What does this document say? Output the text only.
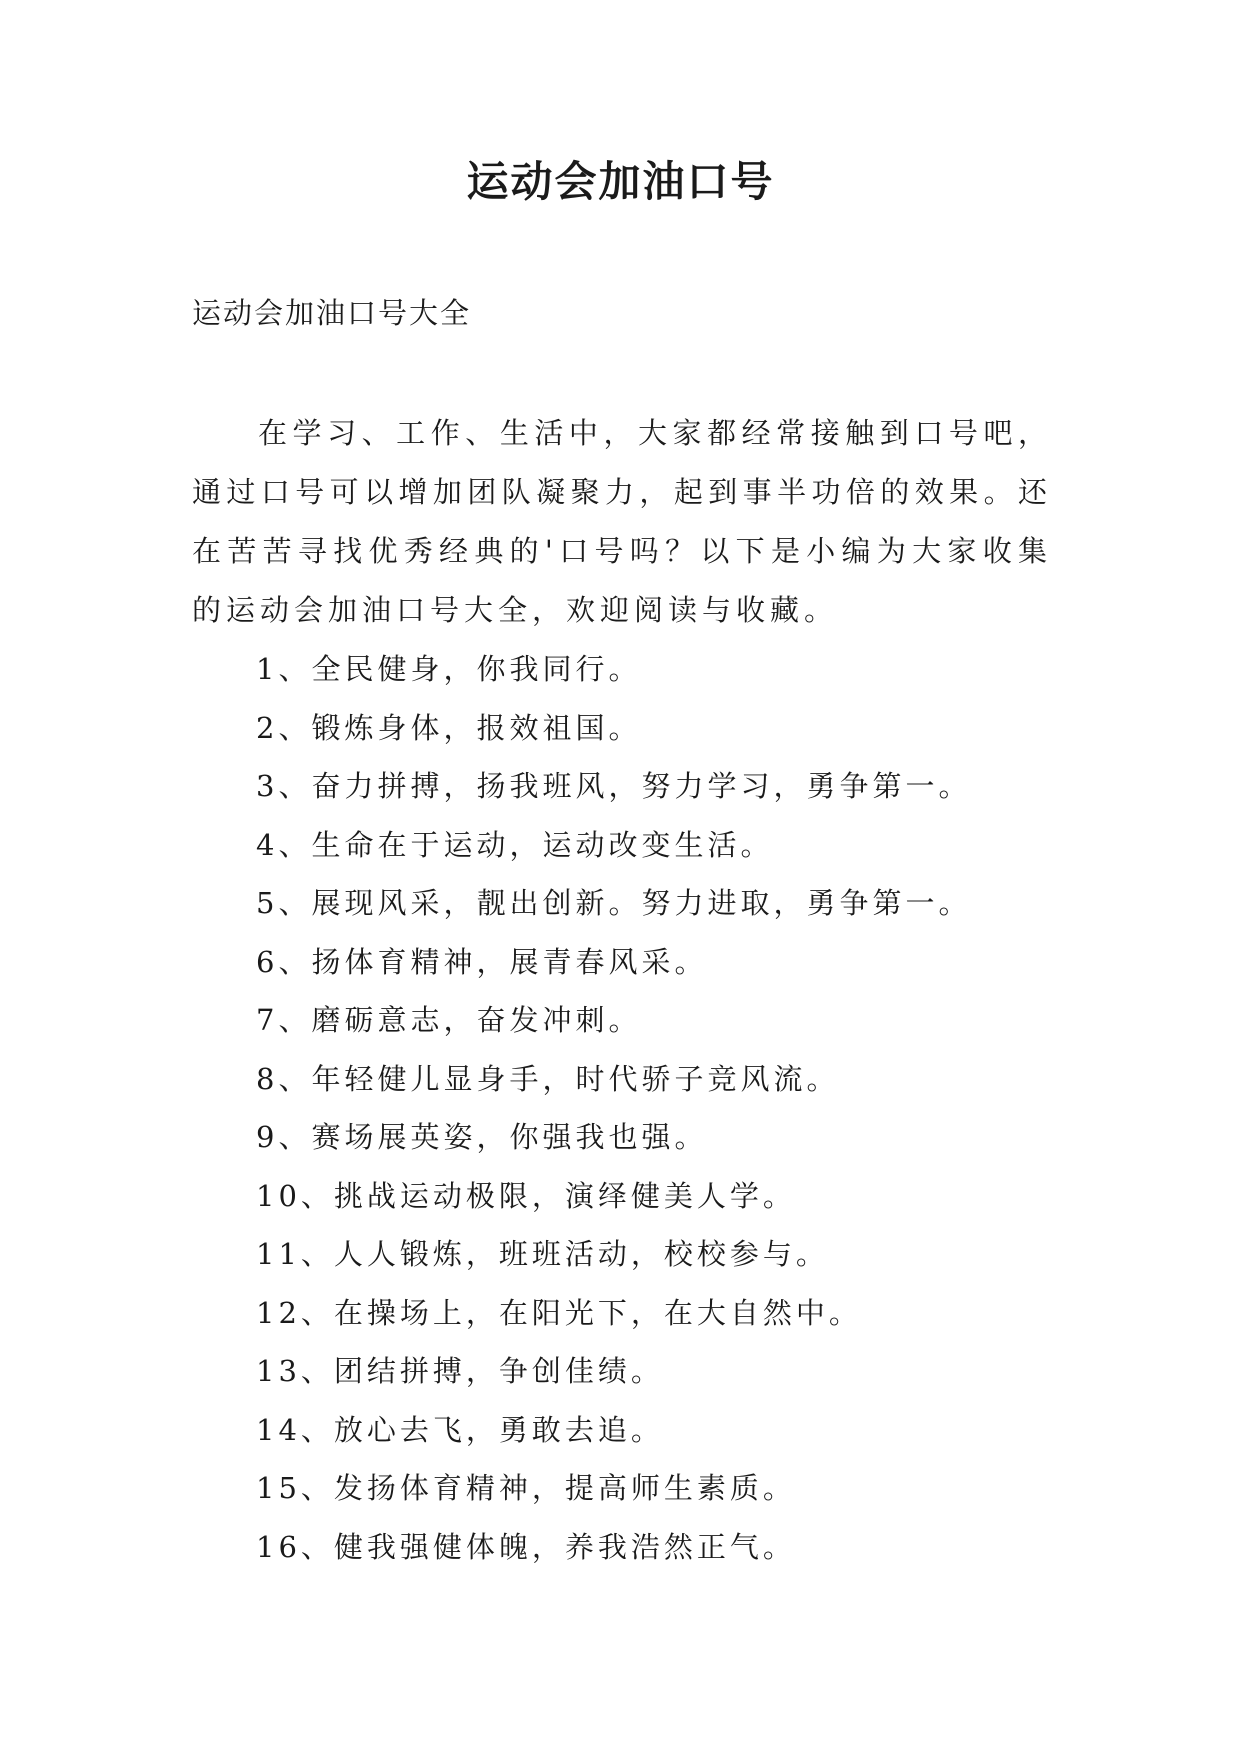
运动会加油口号

运动会加油口号大全

在学习、工作、生活中，大家都经常接触到口号吧，通过口号可以增加团队凝聚力，起到事半功倍的效果。还在苦苦寻找优秀经典的'口号吗？以下是小编为大家收集的运动会加油口号大全，欢迎阅读与收藏。

1、全民健身，你我同行。
2、锻炼身体，报效祖国。
3、奋力拼搏，扬我班风，努力学习，勇争第一。
4、生命在于运动，运动改变生活。
5、展现风采，靓出创新。努力进取，勇争第一。
6、扬体育精神，展青春风采。
7、磨砺意志，奋发冲刺。
8、年轻健儿显身手，时代骄子竞风流。
9、赛场展英姿，你强我也强。
10、挑战运动极限，演绎健美人学。
11、人人锻炼，班班活动，校校参与。
12、在操场上，在阳光下，在大自然中。
13、团结拼搏，争创佳绩。
14、放心去飞，勇敢去追。
15、发扬体育精神，提高师生素质。
16、健我强健体魄，养我浩然正气。
